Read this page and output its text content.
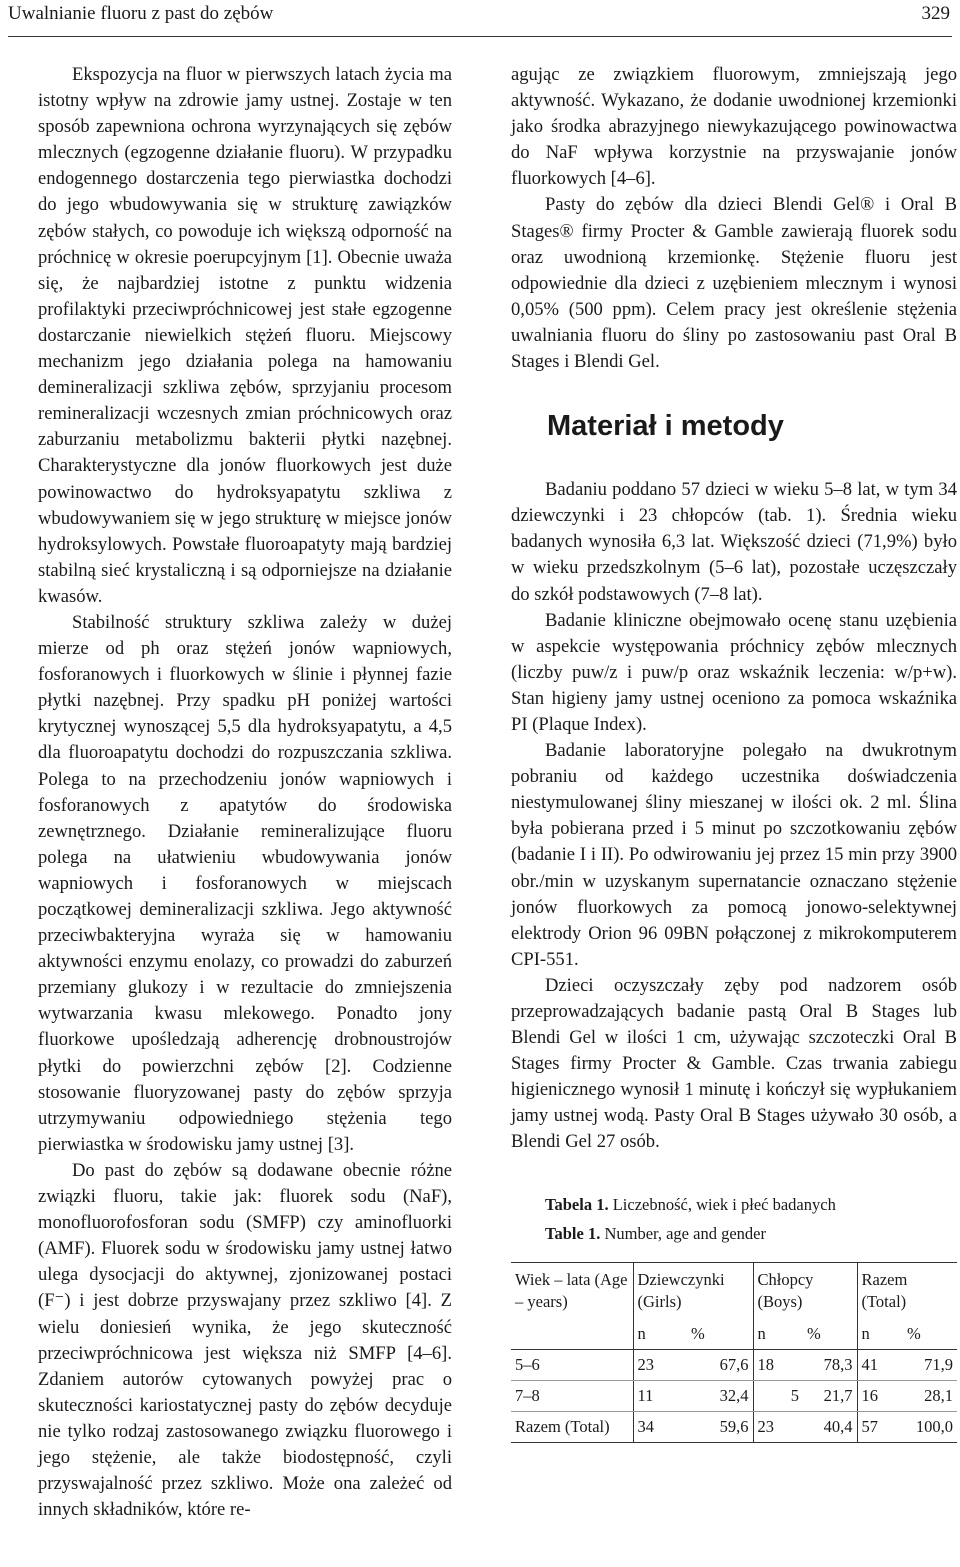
Uwalnianie fluoru z past do zębów	329

Ekspozycja na fluor w pierwszych latach życia ma istotny wpływ na zdrowie jamy ustnej. Zostaje w ten sposób zapewniona ochrona wyrzynających się zębów mlecznych (egzogenne działanie fluoru). W przypadku endogennego dostarczenia tego pierwiastka dochodzi do jego wbudowywania się w strukturę zawiązków zębów stałych, co powoduje ich większą odporność na próchnicę w okresie poerupcyjnym [1]. Obecnie uważa się, że najbardziej istotne z punktu widzenia profilaktyki przeciwpróchnicowej jest stałe egzogenne dostarczanie niewielkich stężeń fluoru. Miejscowy mechanizm jego działania polega na hamowaniu demineralizacji szkliwa zębów, sprzyjaniu procesom remineralizacji wczesnych zmian próchnicowych oraz zaburzaniu metabolizmu bakterii płytki nazębnej. Charakterystyczne dla jonów fluorkowych jest duże powinowactwo do hydroksyapatytu szkliwa z wbudowywaniem się w jego strukturę w miejsce jonów hydroksylowych. Powstałe fluoroapatyty mają bardziej stabilną sieć krystaliczną i są odporniejsze na działanie kwasów.

Stabilność struktury szkliwa zależy w dużej mierze od ph oraz stężeń jonów wapniowych, fosforanowych i fluorkowych w ślinie i płynnej fazie płytki nazębnej. Przy spadku pH poniżej wartości krytycznej wynoszącej 5,5 dla hydroksyapatytu, a 4,5 dla fluoroapatytu dochodzi do rozpuszczania szkliwa. Polega to na przechodzeniu jonów wapniowych i fosforanowych z apatytów do środowiska zewnętrznego. Działanie remineralizujące fluoru polega na ułatwieniu wbudowywania jonów wapniowych i fosforanowych w miejscach początkowej demineralizacji szkliwa. Jego aktywność przeciwbakteryjna wyraża się w hamowaniu aktywności enzymu enolazy, co prowadzi do zaburzeń przemiany glukozy i w rezultacie do zmniejszenia wytwarzania kwasu mlekowego. Ponadto jony fluorkowe upośledzają adherencję drobnoustrojów płytki do powierzchni zębów [2]. Codzienne stosowanie fluoryzowanej pasty do zębów sprzyja utrzymywaniu odpowiedniego stężenia tego pierwiastka w środowisku jamy ustnej [3].

Do past do zębów są dodawane obecnie różne związki fluoru, takie jak: fluorek sodu (NaF), monofluorofosforan sodu (SMFP) czy aminofluorki (AMF). Fluorek sodu w środowisku jamy ustnej łatwo ulega dysocjacji do aktywnej, zjonizowanej postaci (F⁻) i jest dobrze przyswajany przez szkliwo [4]. Z wielu doniesień wynika, że jego skuteczność przeciwpróchnicowa jest większa niż SMFP [4–6]. Zdaniem autorów cytowanych powyżej prac o skuteczności kariostatycznej pasty do zębów decyduje nie tylko rodzaj zastosowanego związku fluorowego i jego stężenie, ale także biodostępność, czyli przyswajalność przez szkliwo. Może ona zależeć od innych składników, które re-

agując ze związkiem fluorowym, zmniejszają jego aktywność. Wykazano, że dodanie uwodnionej krzemionki jako środka abrazyjnego niewykazującego powinowactwa do NaF wpływa korzystnie na przyswajanie jonów fluorkowych [4–6].

Pasty do zębów dla dzieci Blendi Gel® i Oral B Stages® firmy Procter & Gamble zawierają fluorek sodu oraz uwodnioną krzemionkę. Stężenie fluoru jest odpowiednie dla dzieci z uzębieniem mlecznym i wynosi 0,05% (500 ppm). Celem pracy jest określenie stężenia uwalniania fluoru do śliny po zastosowaniu past Oral B Stages i Blendi Gel.

Materiał i metody

Badaniu poddano 57 dzieci w wieku 5–8 lat, w tym 34 dziewczynki i 23 chłopców (tab. 1). Średnia wieku badanych wynosiła 6,3 lat. Większość dzieci (71,9%) było w wieku przedszkolnym (5–6 lat), pozostałe uczęszczały do szkół podstawowych (7–8 lat).

Badanie kliniczne obejmowało ocenę stanu uzębienia w aspekcie występowania próchnicy zębów mlecznych (liczby puw/z i puw/p oraz wskaźnik leczenia: w/p+w). Stan higieny jamy ustnej oceniono za pomoca wskaźnika PI (Plaque Index).

Badanie laboratoryjne polegało na dwukrotnym pobraniu od każdego uczestnika doświadczenia niestymulowanej śliny mieszanej w ilości ok. 2 ml. Ślina była pobierana przed i 5 minut po szczotkowaniu zębów (badanie I i II). Po odwirowaniu jej przez 15 min przy 3900 obr./min w uzyskanym supernatancie oznaczano stężenie jonów fluorkowych za pomocą jonowo-selektywnej elektrody Orion 96 09BN połączonej z mikrokomputerem CPI-551.

Dzieci oczyszczały zęby pod nadzorem osób przeprowadzających badanie pastą Oral B Stages lub Blendi Gel w ilości 1 cm, używając szczoteczki Oral B Stages firmy Procter & Gamble. Czas trwania zabiegu higienicznego wynosił 1 minutę i kończył się wypłukaniem jamy ustnej wodą. Pasty Oral B Stages używało 30 osób, a Blendi Gel 27 osób.

Tabela 1. Liczebność, wiek i płeć badanych

Table 1. Number, age and gender

Wiek – lata (Age – years)	Dziewczynki (Girls)		Chłopcy (Boys)		Razem (Total)	
	n	%	n	%	n	%
5–6	23	67,6	18	78,3	41	71,9
7–8	11	32,4	5	21,7	16	28,1
Razem (Total)	34	59,6	23	40,4	57	100,0
